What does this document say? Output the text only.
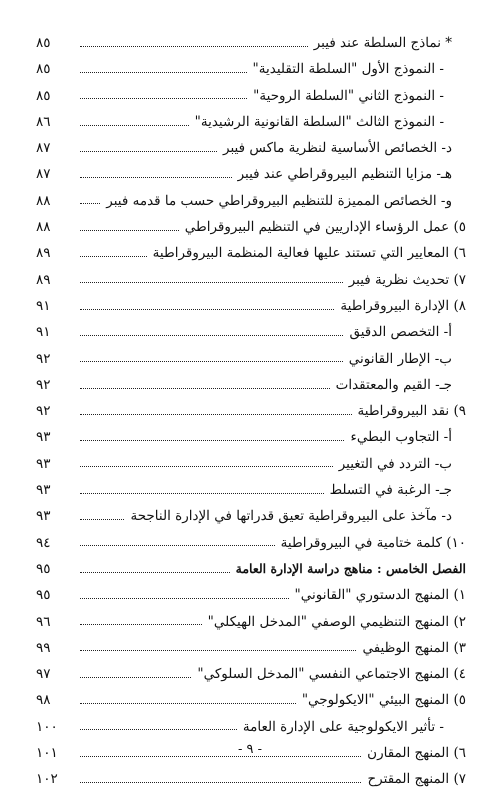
* نماذج السلطة عند فيبر
٨٥
- النموذج الأول "السلطة التقليدية"
٨٥
- النموذج الثاني "السلطة الروحية"
٨٥
- النموذج الثالث "السلطة القانونية الرشيدية"
٨٦
د- الخصائص الأساسية لنظرية ماكس فيبر
٨٧
هـ- مزايا التنظيم البيروقراطي عند فيبر
٨٧
و- الخصائص المميزة للتنظيم البيروقراطي حسب ما قدمه فيبر
٨٨
٥) عمل الرؤساء الإداريين في التنظيم البيروقراطي
٨٨
٦) المعايير التي تستند عليها فعالية المنظمة البيروقراطية
٨٩
٧) تحديث نظرية فيبر
٨٩
٨) الإدارة البيروقراطية
٩١
أ- التخصص الدقيق
٩١
ب- الإطار القانوني
٩٢
جـ- القيم والمعتقدات
٩٢
٩) نقد البيروقراطية
٩٢
أ- التجاوب البطيء
٩٣
ب- التردد في التغيير
٩٣
جـ- الرغبة في التسلط
٩٣
د- مآخذ على البيروقراطية تعيق قدراتها في الإدارة الناجحة
٩٣
١٠) كلمة ختامية في البيروقراطية
٩٤
الفصل الخامس : مناهج دراسة الإدارة العامة
٩٥
١) المنهج الدستوري "القانوني"
٩٥
٢) المنهج التنظيمي الوصفي "المدخل الهيكلي"
٩٦
٣) المنهج الوظيفي
٩٩
٤) المنهج الاجتماعي النفسي "المدخل السلوكي"
٩٧
٥) المنهج البيئي "الايكولوجي"
٩٨
- تأثير الايكولوجية على الإدارة العامة
١٠٠
٦) المنهج المقارن
١٠١
٧) المنهج المقترح
١٠٢
- ٩ -
